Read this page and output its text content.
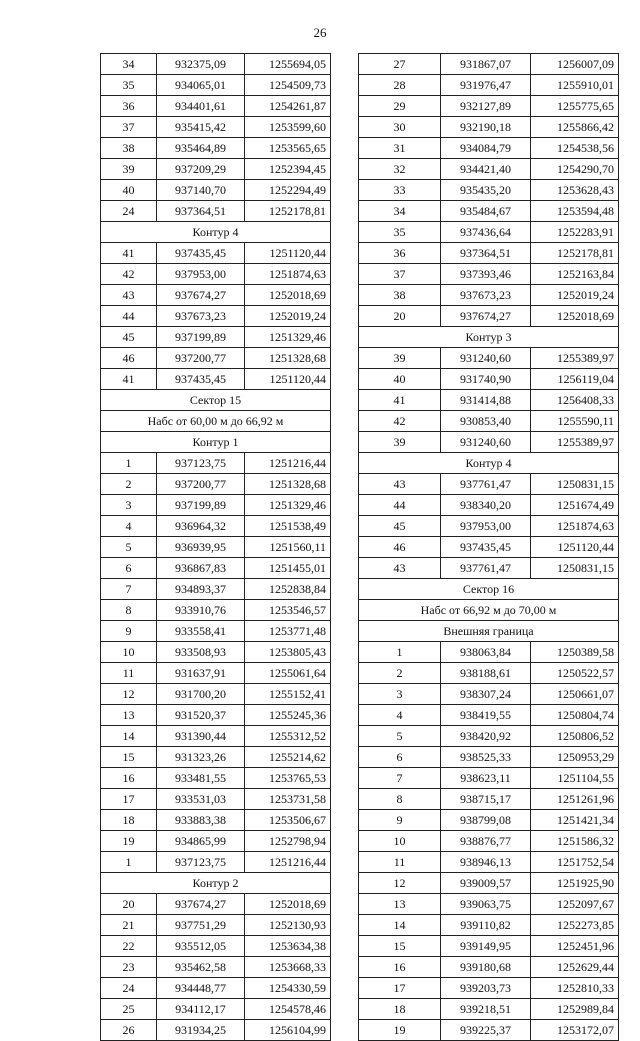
26
34	932375,09	1255694,05
35	934065,01	1254509,73
36	934401,61	1254261,87
37	935415,42	1253599,60
38	935464,89	1253565,65
39	937209,29	1252394,45
40	937140,70	1252294,49
24	937364,51	1252178,81
Контур 4		
41	937435,45	1251120,44
42	937953,00	1251874,63
43	937674,27	1252018,69
44	937673,23	1252019,24
45	937199,89	1251329,46
46	937200,77	1251328,68
41	937435,45	1251120,44
Сектор 15		
Набс от 60,00 м до 66,92 м		
Контур 1		
1	937123,75	1251216,44
2	937200,77	1251328,68
3	937199,89	1251329,46
4	936964,32	1251538,49
5	936939,95	1251560,11
6	936867,83	1251455,01
7	934893,37	1252838,84
8	933910,76	1253546,57
9	933558,41	1253771,48
10	933508,93	1253805,43
11	931637,91	1255061,64
12	931700,20	1255152,41
13	931520,37	1255245,36
14	931390,44	1255312,52
15	931323,26	1255214,62
16	933481,55	1253765,53
17	933531,03	1253731,58
18	933883,38	1253506,67
19	934865,99	1252798,94
1	937123,75	1251216,44
Контур 2		
20	937674,27	1252018,69
21	937751,29	1252130,93
22	935512,05	1253634,38
23	935462,58	1253668,33
24	934448,77	1254330,59
25	934112,17	1254578,46
26	931934,25	1256104,99
27	931867,07	1256007,09
28	931976,47	1255910,01
29	932127,89	1255775,65
30	932190,18	1255866,42
31	934084,79	1254538,56
32	934421,40	1254290,70
33	935435,20	1253628,43
34	935484,67	1253594,48
35	937436,64	1252283,91
36	937364,51	1252178,81
37	937393,46	1252163,84
38	937673,23	1252019,24
20	937674,27	1252018,69
Контур 3		
39	931240,60	1255389,97
40	931740,90	1256119,04
41	931414,88	1256408,33
42	930853,40	1255590,11
39	931240,60	1255389,97
Контур 4		
43	937761,47	1250831,15
44	938340,20	1251674,49
45	937953,00	1251874,63
46	937435,45	1251120,44
43	937761,47	1250831,15
Сектор 16		
Набс от 66,92 м до 70,00 м		
Внешняя граница		
1	938063,84	1250389,58
2	938188,61	1250522,57
3	938307,24	1250661,07
4	938419,55	1250804,74
5	938420,92	1250806,52
6	938525,33	1250953,29
7	938623,11	1251104,55
8	938715,17	1251261,96
9	938799,08	1251421,34
10	938876,77	1251586,32
11	938946,13	1251752,54
12	939009,57	1251925,90
13	939063,75	1252097,67
14	939110,82	1252273,85
15	939149,95	1252451,96
16	939180,68	1252629,44
17	939203,73	1252810,33
18	939218,51	1252989,84
19	939225,37	1253172,07
